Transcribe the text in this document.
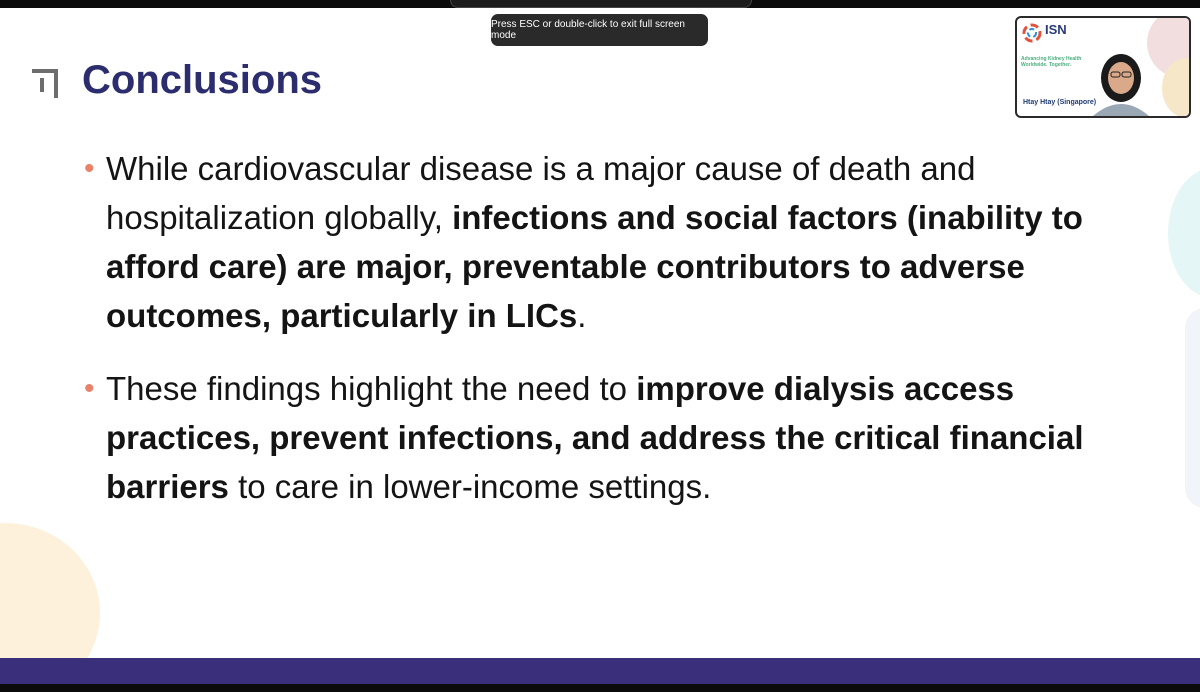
Conclusions
• While cardiovascular disease is a major cause of death and hospitalization globally, infections and social factors (inability to afford care) are major, preventable contributors to adverse outcomes, particularly in LICs.
• These findings highlight the need to improve dialysis access practices, prevent infections, and address the critical financial barriers to care in lower-income settings.
Press ESC or double-click to exit full screen mode	ISN
Advancing Kidney Health Worldwide. Together.
Htay Htay (Singapore)
